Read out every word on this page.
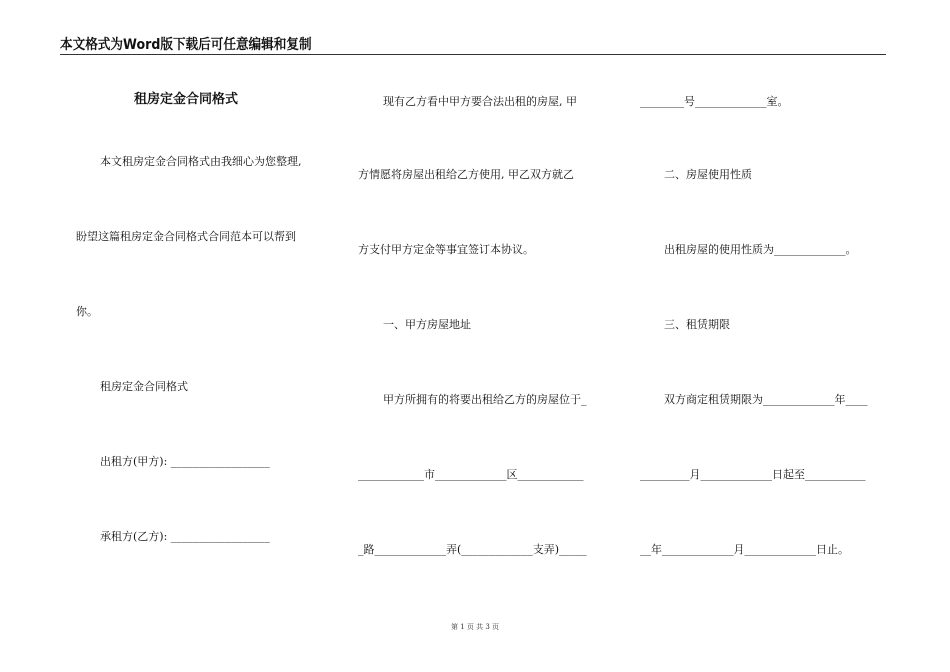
本文格式为Word版下载后可任意编辑和复制
租房定金合同格式
本文租房定金合同格式由我细心为您整理,
盼望这篇租房定金合同格式合同范本可以帮到
你。
租房定金合同格式
出租方(甲方): __________________
承租方(乙方): __________________
现有乙方看中甲方要合法出租的房屋, 甲
方情愿将房屋出租给乙方使用, 甲乙双方就乙
方支付甲方定金等事宜签订本协议。
一、甲方房屋地址
甲方所拥有的将要出租给乙方的房屋位于_
____________市_____________区____________
_路_____________弄(_____________支弄)_____
________号_____________室。
二、房屋使用性质
出租房屋的使用性质为_____________。
三、租赁期限
双方商定租赁期限为_____________年____
_________月_____________日起至___________
__年_____________月_____________日止。
第 1 页 共 3 页
